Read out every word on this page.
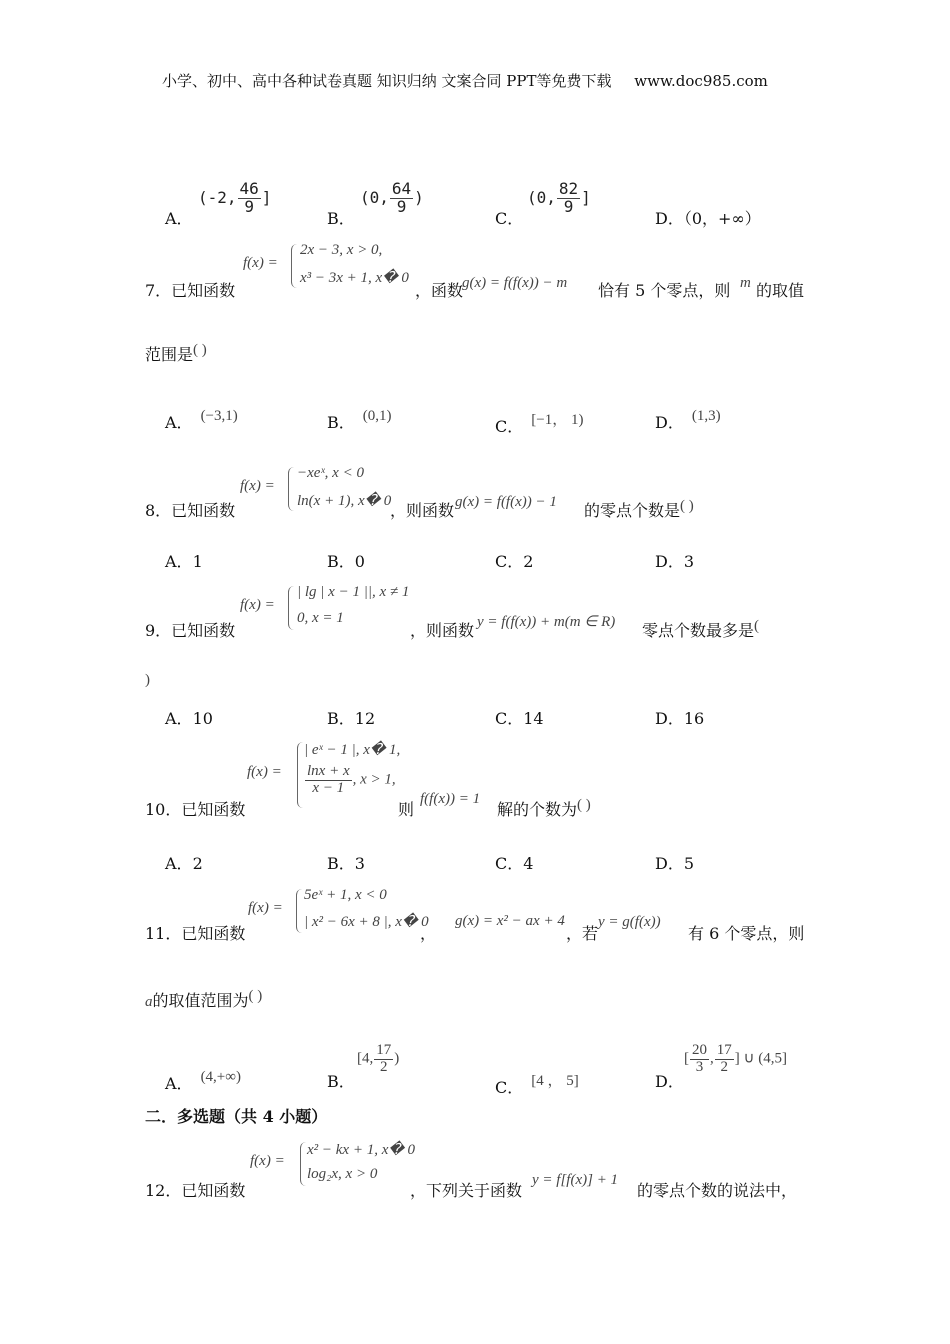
小学、初中、高中各种试卷真题 知识归纳 文案合同 PPT等免费下载 www.doc985.com
A．
(-2, $\frac{46}{9}$ ]
B．
(0, $\frac{64}{9}$ )
C．
(0, $\frac{82}{9}$ ]
D．（0，+∞）
f(x) =
2x − 3, x > 0,
x³ − 3x + 1, x� 0
7．已知函数	，函数
g(x) = f(f(x)) − m 恰有 5 个零点，则 m 的取值
范围是( )
A． (−3,1)	B． (0,1)
C． [−1， 1)	D． (1,3)
f(x) =
−xeˣ, x < 0
ln(x + 1), x� 0
8．已知函数	，则函数 g(x) = f(f(x)) − 1 的零点个数是( )
A．1	B．0	C．2	D．3
f(x) =
| lg | x − 1 ||, x ≠ 1
0, x = 1
9．已知函数	，则函数 y = f(f(x)) + m(m ∈ R) 零点个数最多是(
)
A．10	B．12	C．14	D．16
f(x) =
| eˣ − 1 |, x� 1,
$\frac{\ln x + x}{x - 1}$ , x > 1,
10．已知函数	则
f(f(x)) = 1
解的个数为( )
A．2	B．3	C．4	D．5
f(x) =
5eˣ + 1, x < 0
| x² − 6x + 8 |, x� 0
11．已知函数	，
g(x) = x² − ax + 4
，若
y = g(f(x))
有 6 个零点，则
a的取值范围为( )
A． (4,+∞)	B．
[4, $\frac{17}{2}$ )
C． [4 ， 5]	D．
[ $\frac{20}{3}$ , $\frac{17}{2}$ ] ∪ (4,5]
二．多选题（共 4 小题）
f(x) =
x² − kx + 1, x� 0
log₂x, x > 0
12．已知函数	，下列关于函数
y = f[f(x)] + 1
的零点个数的说法中，
